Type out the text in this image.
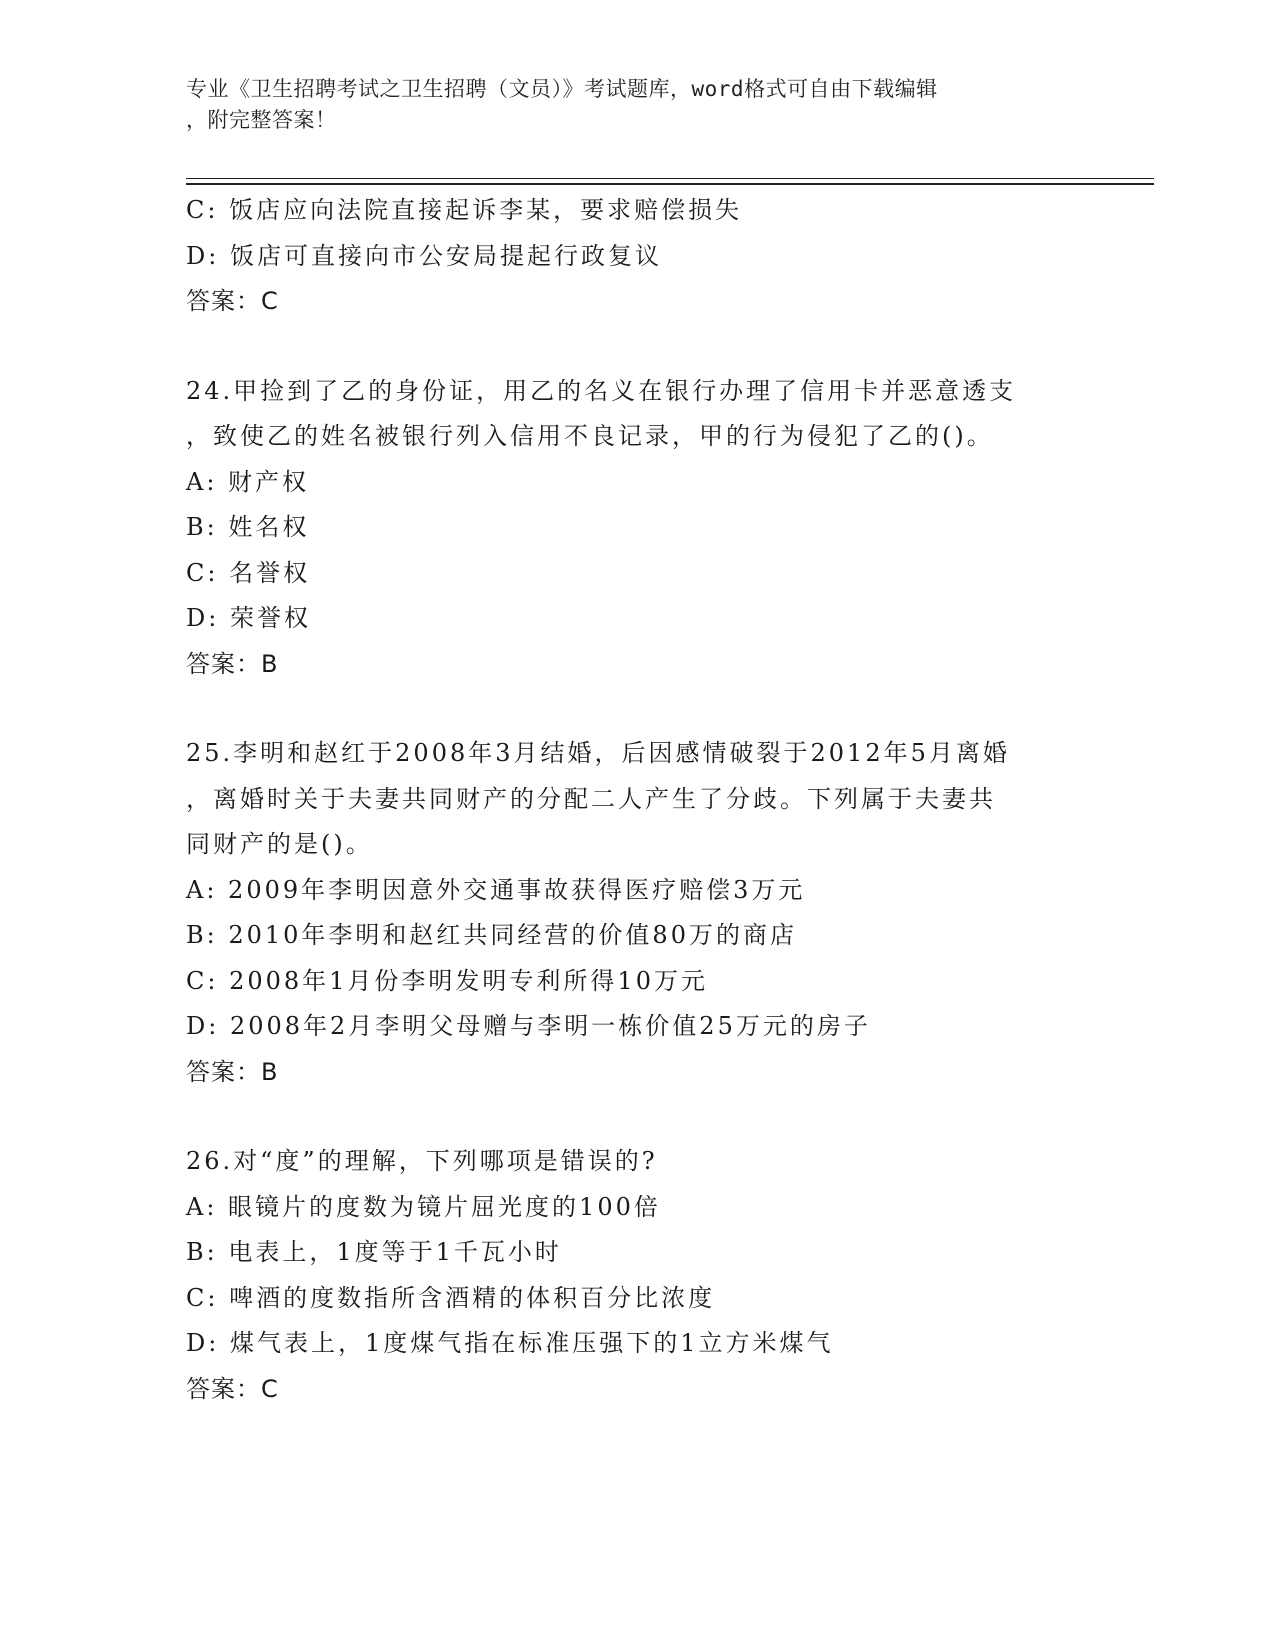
专业《卫生招聘考试之卫生招聘（文员）》考试题库，word格式可自由下载编辑
，附完整答案！
C: 饭店应向法院直接起诉李某，要求赔偿损失
D: 饭店可直接向市公安局提起行政复议
答案：C
24.甲捡到了乙的身份证，用乙的名义在银行办理了信用卡并恶意透支
，致使乙的姓名被银行列入信用不良记录，甲的行为侵犯了乙的()。
A: 财产权
B: 姓名权
C: 名誉权
D: 荣誉权
答案：B
25.李明和赵红于2008年3月结婚，后因感情破裂于2012年5月离婚
，离婚时关于夫妻共同财产的分配二人产生了分歧。下列属于夫妻共
同财产的是()。
A: 2009年李明因意外交通事故获得医疗赔偿3万元
B: 2010年李明和赵红共同经营的价值80万的商店
C: 2008年1月份李明发明专利所得10万元
D: 2008年2月李明父母赠与李明一栋价值25万元的房子
答案：B
26.对“度”的理解，下列哪项是错误的?
A: 眼镜片的度数为镜片屈光度的100倍
B: 电表上，1度等于1千瓦小时
C: 啤酒的度数指所含酒精的体积百分比浓度
D: 煤气表上，1度煤气指在标准压强下的1立方米煤气
答案：C
